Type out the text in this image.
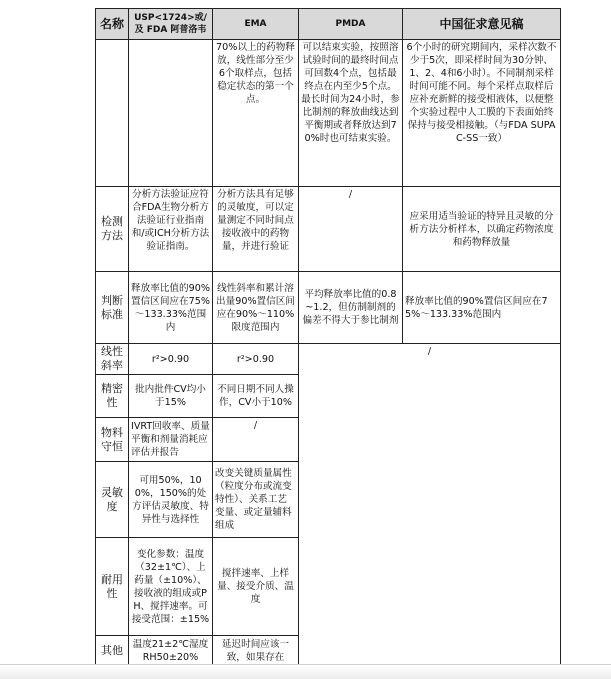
名称	USP<1724>或/及 FDA 阿普洛韦	EMA	PMDA	中国征求意见稿
		70%以上的药物释放，线性部分至少6个取样点，包括稳定状态的第一个点。	可以结束实验，按照溶试验时间的最终时间点可回数4个点，包括最终点在内至少5个点。最长时间为24小时，参比制剂的释放曲线达到平衡期或者释放达到70%时也可结束实验。	6个小时的研究期间内，采样次数不少于5次，即采样时间为30分钟、1、2、4和6小时）。不同制剂采样时间可能不同。每个采样点取样后应补充新鲜的接受相液体，以便整个实验过程中人工膜的下表面始终保持与接受相接触。（与FDA SUPAC-SS一致）
检测方法	分析方法验证应符合FDA生物分析方法验证行业指南和/或ICH分析方法验证指南。	分析方法具有足够的灵敏度，可以定量测定不同时间点接收液中的药物量，并进行验证	/	应采用适当验证的特异且灵敏的分析方法分析样本，以确定药物浓度和药物释放量
判断标准	释放率比值的90%置信区间应在75%～133.33%范围内	线性斜率和累计溶出量90%置信区间应在90%～110%限度范围内	平均释放率比值的0.8~1.2，但仿制制剂的偏差不得大于参比制剂	释放率比值的90%置信区间应在75%～133.33%范围内
线性斜率	r²>0.90	r²>0.90	/	
精密性	批内批件CV均小于15%	不同日期不同人操作，CV小于10%		
物料守恒	IVRT回收率、质量平衡和剂量消耗应评估并报告	/		
灵敏度	可用50%，100%，150%的处方评估灵敏度、特异性与选择性	改变关键质量属性（粒度分布或流变特性）、关系工艺变量、或定量辅料组成		
耐用性	变化参数：温度（32±1℃）、上药量（±10%）、接收液的组成或PH、搅拌速率。可接受范围：±15%	搅拌速率、上样量、接受介质、温度		
其他	温度21±2℃湿度RH50±20%	延迟时间应该一致，如果存在		
